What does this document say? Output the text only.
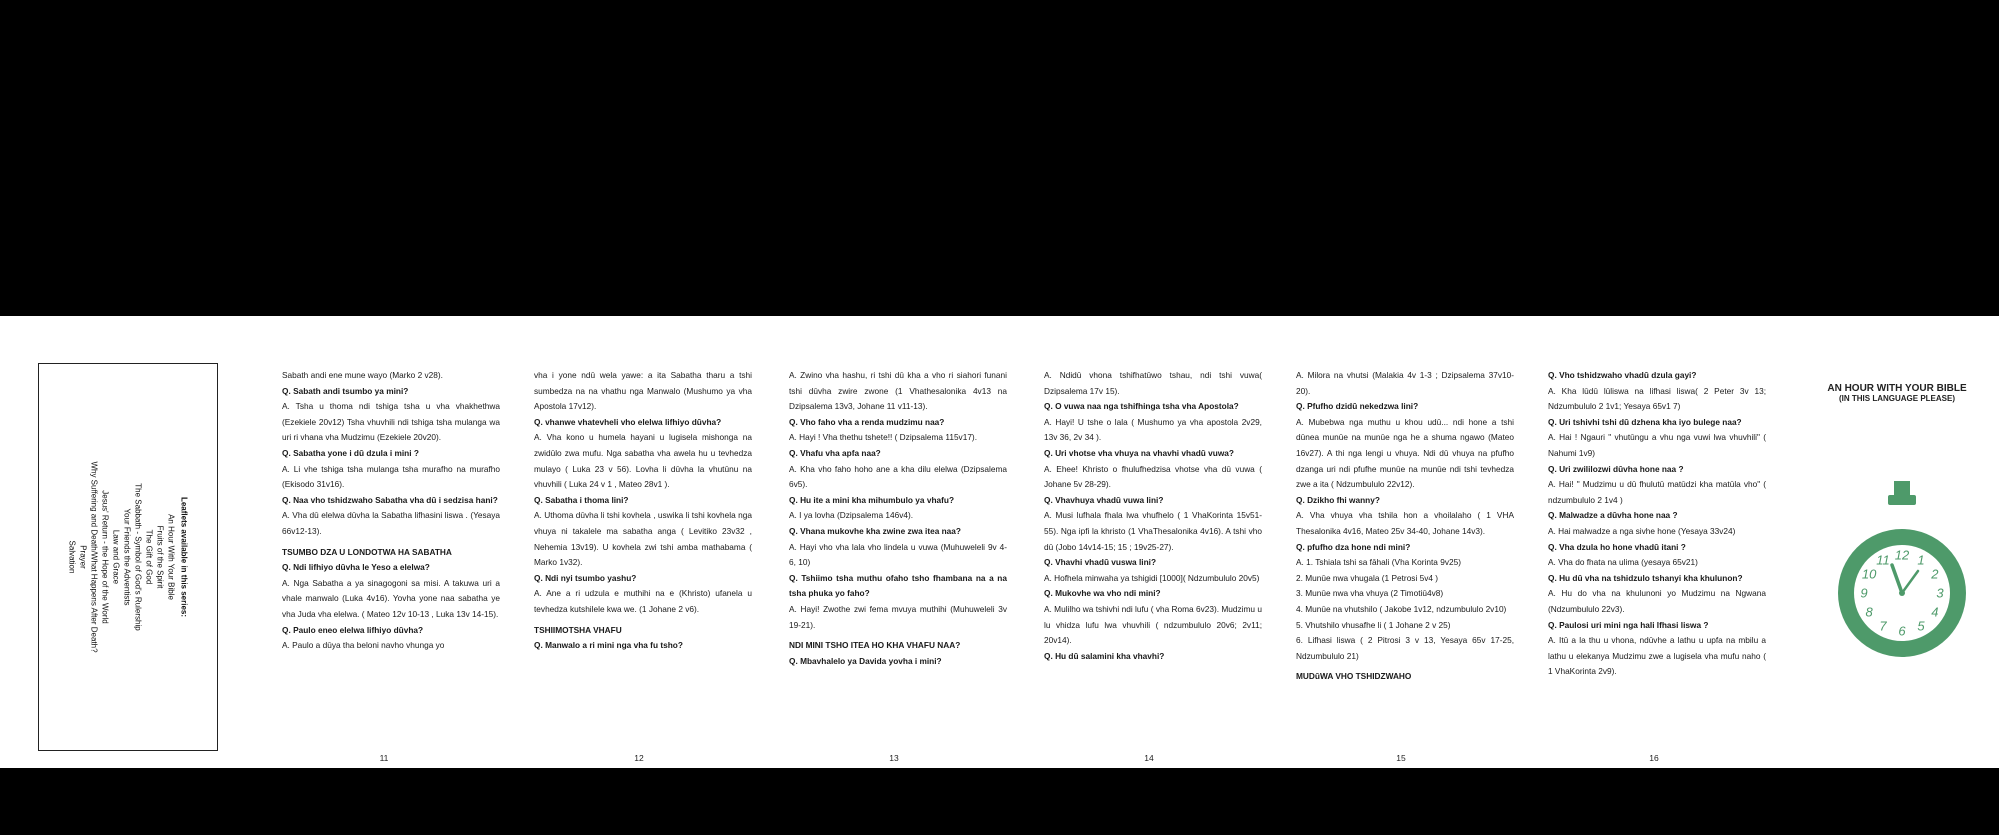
Leaflets available in this series:
An Hour With Your Bible
Fruits of the Spirit
The Gift of God
The Sabbath - Symbol of God's Rulership
Your Friends the Adventists
Law and Grace
Jesus' Return - the Hope of the World
Why Suffering and Death/What Happens After Death?
Prayer
Salvation

Sabath andi ene mune wayo (Marko 2 v28).

Q. Sabath andi tsumbo ya mini?

A. Tsha u thoma ndi tshiga tsha u vha vhakhethwa (Ezekiele 20v12) Tsha vhuvhili ndi tshiga tsha mulanga wa uri ri vhana vha Mudzimu (Ezekiele 20v20).

Q. Sabatha yone i dū dzula i mini ?

A. Li vhe tshiga tsha mulanga tsha murafho na murafho (Ekisodo 31v16).

Q. Naa vho tshidzwaho Sabatha vha dū i sedzisa hani?

A. Vha dū elelwa dūvha la Sabatha lifhasini liswa . (Yesaya 66v12-13).

TSUMBO DZA U LONDOTWA HA SABATHA

Q. Ndi lifhiyo dūvha le Yeso a elelwa?

A. Nga Sabatha a ya sinagogoni sa misi. A takuwa uri a vhale manwalo (Luka 4v16). Yovha yone naa sabatha ye vha Juda vha elelwa. ( Mateo 12v 10-13 , Luka 13v 14-15).

Q. Paulo eneo elelwa lifhiyo dūvha?

A. Paulo a dūya tha beloni navho vhunga yo

vha i yone ndū wela yawe: a ita Sabatha tharu a tshi sumbedza na na vhathu nga Manwalo (Mushumo ya vha Apostola 17v12).

Q. vhanwe vhatevheli vho elelwa lifhiyo dūvha?

A. Vha kono u humela hayani u lugisela mishonga na zwidūlo zwa mufu. Nga sabatha vha awela hu u tevhedza mulayo ( Luka 23 v 56). Lovha li dūvha la vhutūnu na vhuvhili ( Luka 24 v 1 , Mateo 28v1 ).

Q. Sabatha i thoma lini?

A. Uthoma dūvha li tshi kovhela , uswika li tshi kovhela nga vhuya ni takalele ma sabatha anga ( Levitiko 23v32 , Nehemia 13v19). U kovhela zwi tshi amba mathabama ( Marko 1v32).

Q. Ndi nyi tsumbo yashu?

A. Ane a ri udzula e muthihi na e (Khristo) ufanela u tevhedza kutshilele kwa we. (1 Johane 2 v6).

TSHIIMOTSHA VHAFU

Q. Manwalo a ri mini nga vha fu tsho?

A. Zwino vha hashu, ri tshi dū kha a vho ri siahori funani tshi dūvha zwire zwone (1 Vhathesalonika 4v13 na Dzipsalema 13v3, Johane 11 v11-13).

Q. Vho faho vha a renda mudzimu naa?

A. Hayi ! Vha thethu tshete!! ( Dzipsalema 115v17).

Q. Vhafu vha apfa naa?

A. Kha vho faho hoho ane a kha dilu elelwa (Dzipsalema 6v5).

Q. Hu ite a mini kha mihumbulo ya vhafu?

A. I ya lovha (Dzipsalema 146v4).

Q. Vhana mukovhe kha zwine zwa itea naa?

A. Hayi vho vha lala vho lindela u vuwa (Muhuweleli 9v 4-6, 10)

Q. Tshiimo tsha muthu ofaho tsho fhambana na a na tsha phuka yo faho?

A. Hayi! Zwothe zwi fema mvuya muthihi (Muhuweleli 3v 19-21).

NDI MINI TSHO ITEA HO KHA VHAFU NAA?

Q. Mbavhalelo ya Davida yovha i mini?

A. Ndidū vhona tshifhatūwo tshau, ndi tshi vuwa( Dzipsalema 17v 15).

Q. O vuwa naa nga tshifhinga tsha vha Apostola?

A. Hayi! U tshe o lala ( Mushumo ya vha apostola 2v29, 13v 36, 2v 34 ).

Q. Uri vhotse vha vhuya na vhavhi vhadū vuwa?

A. Ehee! Khristo o fhulufhedzisa vhotse vha dū vuwa ( Johane 5v 28-29).

Q. Vhavhuya vhadū vuwa lini?

A. Musi lufhala fhala lwa vhufhelo ( 1 VhaKorinta 15v51-55). Nga ipfi la khristo (1 VhaThesalonika 4v16). A tshi vho dū (Jobo 14v14-15; 15 ; 19v25-27).

Q. Vhavhi vhadū vuswa lini?

A. Hofhela minwaha ya tshigidi [1000]( Ndzumbululo 20v5)

Q. Mukovhe wa vho ndi mini?

A. Mulilho wa tshivhi ndi lufu ( vha Roma 6v23). Mudzimu u lu vhidza lufu lwa vhuvhili ( ndzumbululo 20v6; 2v11; 20v14).

Q. Hu dū salamini kha vhavhi?

A. Milora na vhutsi (Malakia 4v 1-3 ; Dzipsalema 37v10-20).

Q. Pfufho dzidū nekedzwa lini?

A. Mubebwa nga muthu u khou udū... ndi hone a tshi dūnea munūe na munūe nga he a shuma ngawo (Mateo 16v27). A thi nga lengi u vhuya. Ndi dū vhuya na pfufho dzanga uri ndi pfufhe munūe na munūe ndi tshi tevhedza zwe a ita ( Ndzumbululo 22v12).

Q. Dzikho fhi wanny?

A. Vha vhuya vha tshila hon a vhoilalaho ( 1 VHA Thesalonika 4v16, Mateo 25v 34-40, Johane 14v3).

Q. pfufho dza hone ndi mini?

A. 1. Tshiala tshi sa fāhali (Vha Korinta 9v25)

2. Munūe nwa vhugala (1 Petrosi 5v4 )

3. Munūe nwa vha vhuya (2 Timotiū4v8)

4. Munūe na vhutshilo ( Jakobe 1v12, ndzumbululo 2v10)

5. Vhutshilo vhusafhe li ( 1 Johane 2 v 25)

6. Lifhasi liswa ( 2 Pitrosi 3 v 13, Yesaya 65v 17-25, Ndzumbululo 21)

MUDūWA VHO TSHIDZWAHO

Q. Vho tshidzwaho vhadū dzula gayi?

A. Kha lūdū lūliswa na lifhasi liswa( 2 Peter 3v 13; Ndzumbululo 2 1v1; Yesaya 65v1 7)

Q. Uri tshivhi tshi dū dzhena kha iyo bulege naa?

A. Hai ! Ngauri " vhutūngu a vhu nga vuwi lwa vhuvhili" ( Nahumi 1v9)

Q. Uri zwililozwi dūvha hone naa ?

A. Hai! " Mudzimu u dū fhulutū matūdzi kha matūla vho" ( ndzumbululo 2 1v4 )

Q. Malwadze a dūvha hone naa ?

A. Hai malwadze a nga sivhe hone (Yesaya 33v24)

Q. Vha dzula ho hone vhadū itani ?

A. Vha do fhata na ulima (yesaya 65v21)

Q. Hu dū vha na tshidzulo tshanyi kha khulunon?

A. Hu do vha na khulunoni yo Mudzimu na Ngwana (Ndzumbululo 22v3).

Q. Paulosi uri mini nga hali lfhasi liswa ?

A. Itū a la thu u vhona, ndūvhe a lathu u upfa na mbilu a lathu u elekanya Mudzimu zwe a lugisela vha mufu naho ( 1 VhaKorinta 2v9).

11	12	13	14	15	16
AN HOUR WITH YOUR BIBLE
(IN THIS LANGUAGE PLEASE)
12 1
2
3
4
5
6
7
8
9
10
11
